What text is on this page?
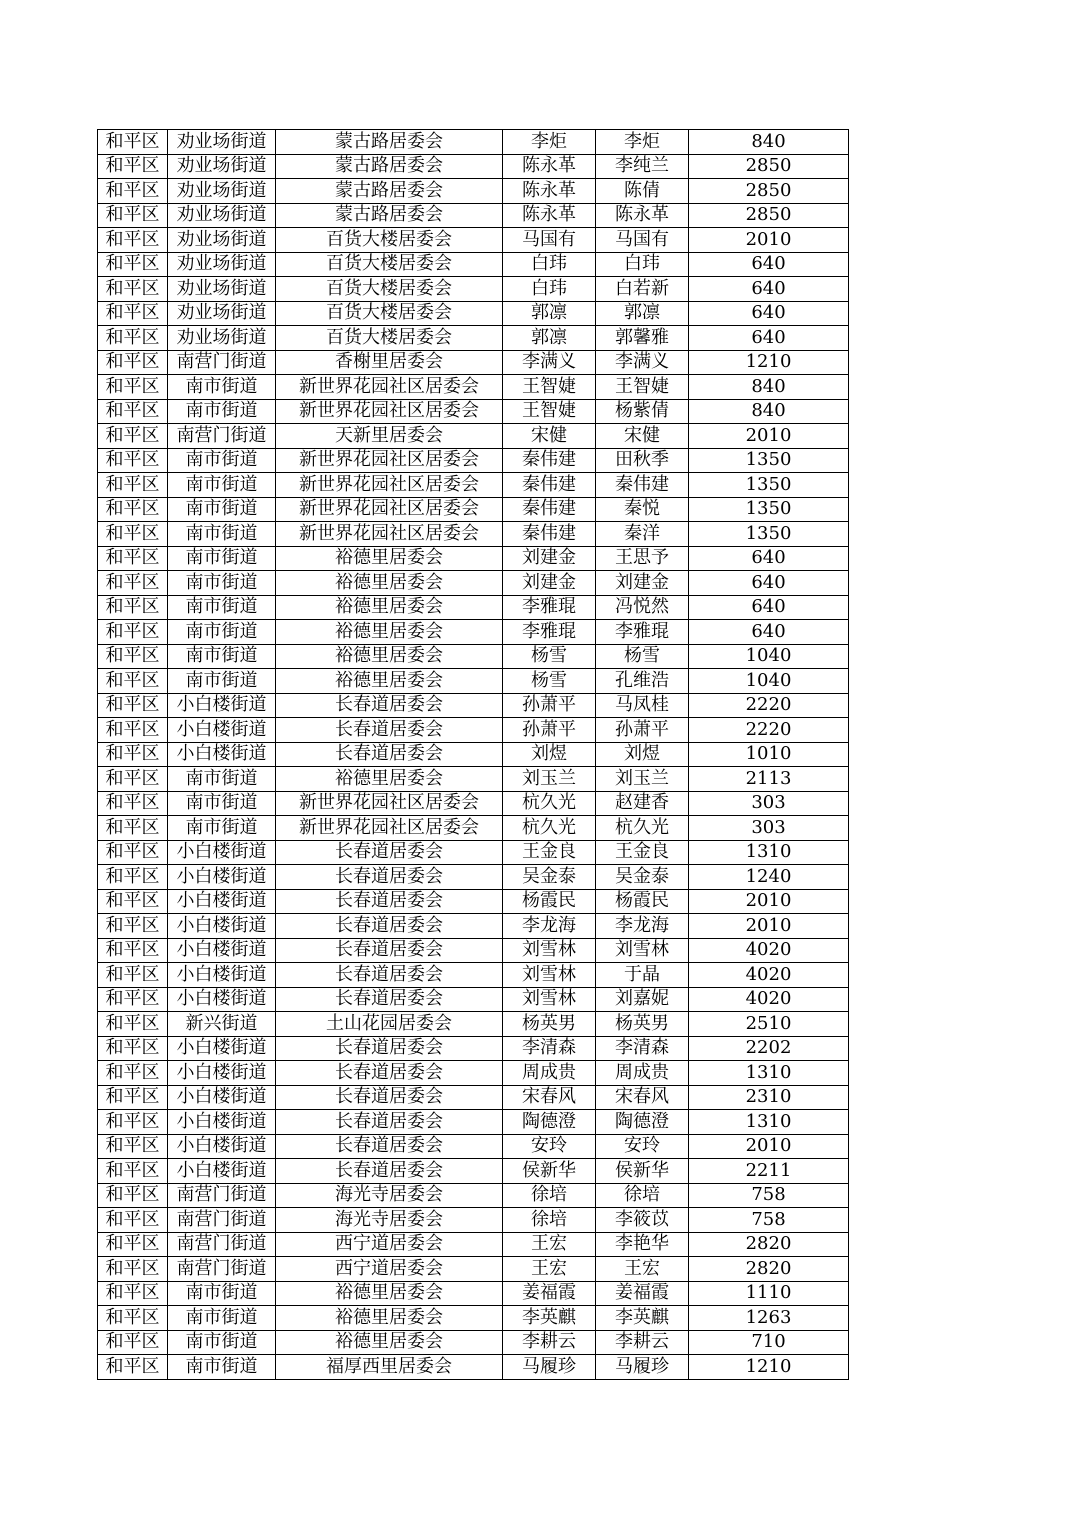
和平区	劝业场街道	蒙古路居委会	李炬	李炬	840
和平区	劝业场街道	蒙古路居委会	陈永革	李纯兰	2850
和平区	劝业场街道	蒙古路居委会	陈永革	陈倩	2850
和平区	劝业场街道	蒙古路居委会	陈永革	陈永革	2850
和平区	劝业场街道	百货大楼居委会	马国有	马国有	2010
和平区	劝业场街道	百货大楼居委会	白玮	白玮	640
和平区	劝业场街道	百货大楼居委会	白玮	白若新	640
和平区	劝业场街道	百货大楼居委会	郭凛	郭凛	640
和平区	劝业场街道	百货大楼居委会	郭凛	郭馨雅	640
和平区	南营门街道	香榭里居委会	李满义	李满义	1210
和平区	南市街道	新世界花园社区居委会	王智婕	王智婕	840
和平区	南市街道	新世界花园社区居委会	王智婕	杨紫倩	840
和平区	南营门街道	天新里居委会	宋健	宋健	2010
和平区	南市街道	新世界花园社区居委会	秦伟建	田秋季	1350
和平区	南市街道	新世界花园社区居委会	秦伟建	秦伟建	1350
和平区	南市街道	新世界花园社区居委会	秦伟建	秦悦	1350
和平区	南市街道	新世界花园社区居委会	秦伟建	秦洋	1350
和平区	南市街道	裕德里居委会	刘建金	王思予	640
和平区	南市街道	裕德里居委会	刘建金	刘建金	640
和平区	南市街道	裕德里居委会	李雅琨	冯悦然	640
和平区	南市街道	裕德里居委会	李雅琨	李雅琨	640
和平区	南市街道	裕德里居委会	杨雪	杨雪	1040
和平区	南市街道	裕德里居委会	杨雪	孔维浩	1040
和平区	小白楼街道	长春道居委会	孙萧平	马凤桂	2220
和平区	小白楼街道	长春道居委会	孙萧平	孙萧平	2220
和平区	小白楼街道	长春道居委会	刘煜	刘煜	1010
和平区	南市街道	裕德里居委会	刘玉兰	刘玉兰	2113
和平区	南市街道	新世界花园社区居委会	杭久光	赵建香	303
和平区	南市街道	新世界花园社区居委会	杭久光	杭久光	303
和平区	小白楼街道	长春道居委会	王金良	王金良	1310
和平区	小白楼街道	长春道居委会	吴金泰	吴金泰	1240
和平区	小白楼街道	长春道居委会	杨霞民	杨霞民	2010
和平区	小白楼街道	长春道居委会	李龙海	李龙海	2010
和平区	小白楼街道	长春道居委会	刘雪林	刘雪林	4020
和平区	小白楼街道	长春道居委会	刘雪林	于晶	4020
和平区	小白楼街道	长春道居委会	刘雪林	刘嘉妮	4020
和平区	新兴街道	土山花园居委会	杨英男	杨英男	2510
和平区	小白楼街道	长春道居委会	李清森	李清森	2202
和平区	小白楼街道	长春道居委会	周成贵	周成贵	1310
和平区	小白楼街道	长春道居委会	宋春风	宋春风	2310
和平区	小白楼街道	长春道居委会	陶德澄	陶德澄	1310
和平区	小白楼街道	长春道居委会	安玲	安玲	2010
和平区	小白楼街道	长春道居委会	侯新华	侯新华	2211
和平区	南营门街道	海光寺居委会	徐培	徐培	758
和平区	南营门街道	海光寺居委会	徐培	李筱苡	758
和平区	南营门街道	西宁道居委会	王宏	李艳华	2820
和平区	南营门街道	西宁道居委会	王宏	王宏	2820
和平区	南市街道	裕德里居委会	姜福霞	姜福霞	1110
和平区	南市街道	裕德里居委会	李英麒	李英麒	1263
和平区	南市街道	裕德里居委会	李耕云	李耕云	710
和平区	南市街道	福厚西里居委会	马履珍	马履珍	1210
